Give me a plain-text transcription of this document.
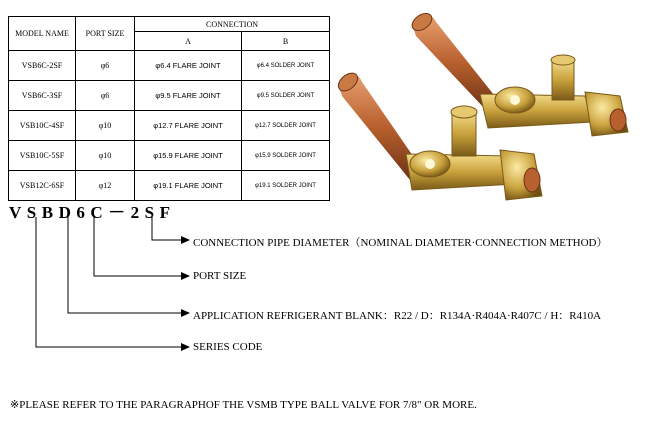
MODEL NAME	PORT SIZE	CONNECTION	
		A	B
VSB6C-2SF	φ6	φ6.4 FLARE JOINT	φ6.4 SOLDER JOINT
VSB6C-3SF	φ6	φ9.5 FLARE JOINT	φ9.5 SOLDER JOINT
VSB10C-4SF	φ10	φ12.7 FLARE JOINT	φ12.7 SOLDER JOINT
VSB10C-5SF	φ10	φ15.9 FLARE JOINT	φ15.9 SOLDER JOINT
VSB12C-6SF	φ12	φ19.1 FLARE JOINT	φ19.1 SOLDER JOINT
VSBD6C－2SF
CONNECTION PIPE DIAMETER（NOMINAL DIAMETER·CONNECTION METHOD）
PORT SIZE
APPLICATION REFRIGERANT BLANK：R22 / D：R134A·R404A·R407C / H：R410A
SERIES CODE
※PLEASE REFER TO THE PARAGRAPHOF THE VSMB TYPE BALL VALVE FOR 7/8" OR MORE.
